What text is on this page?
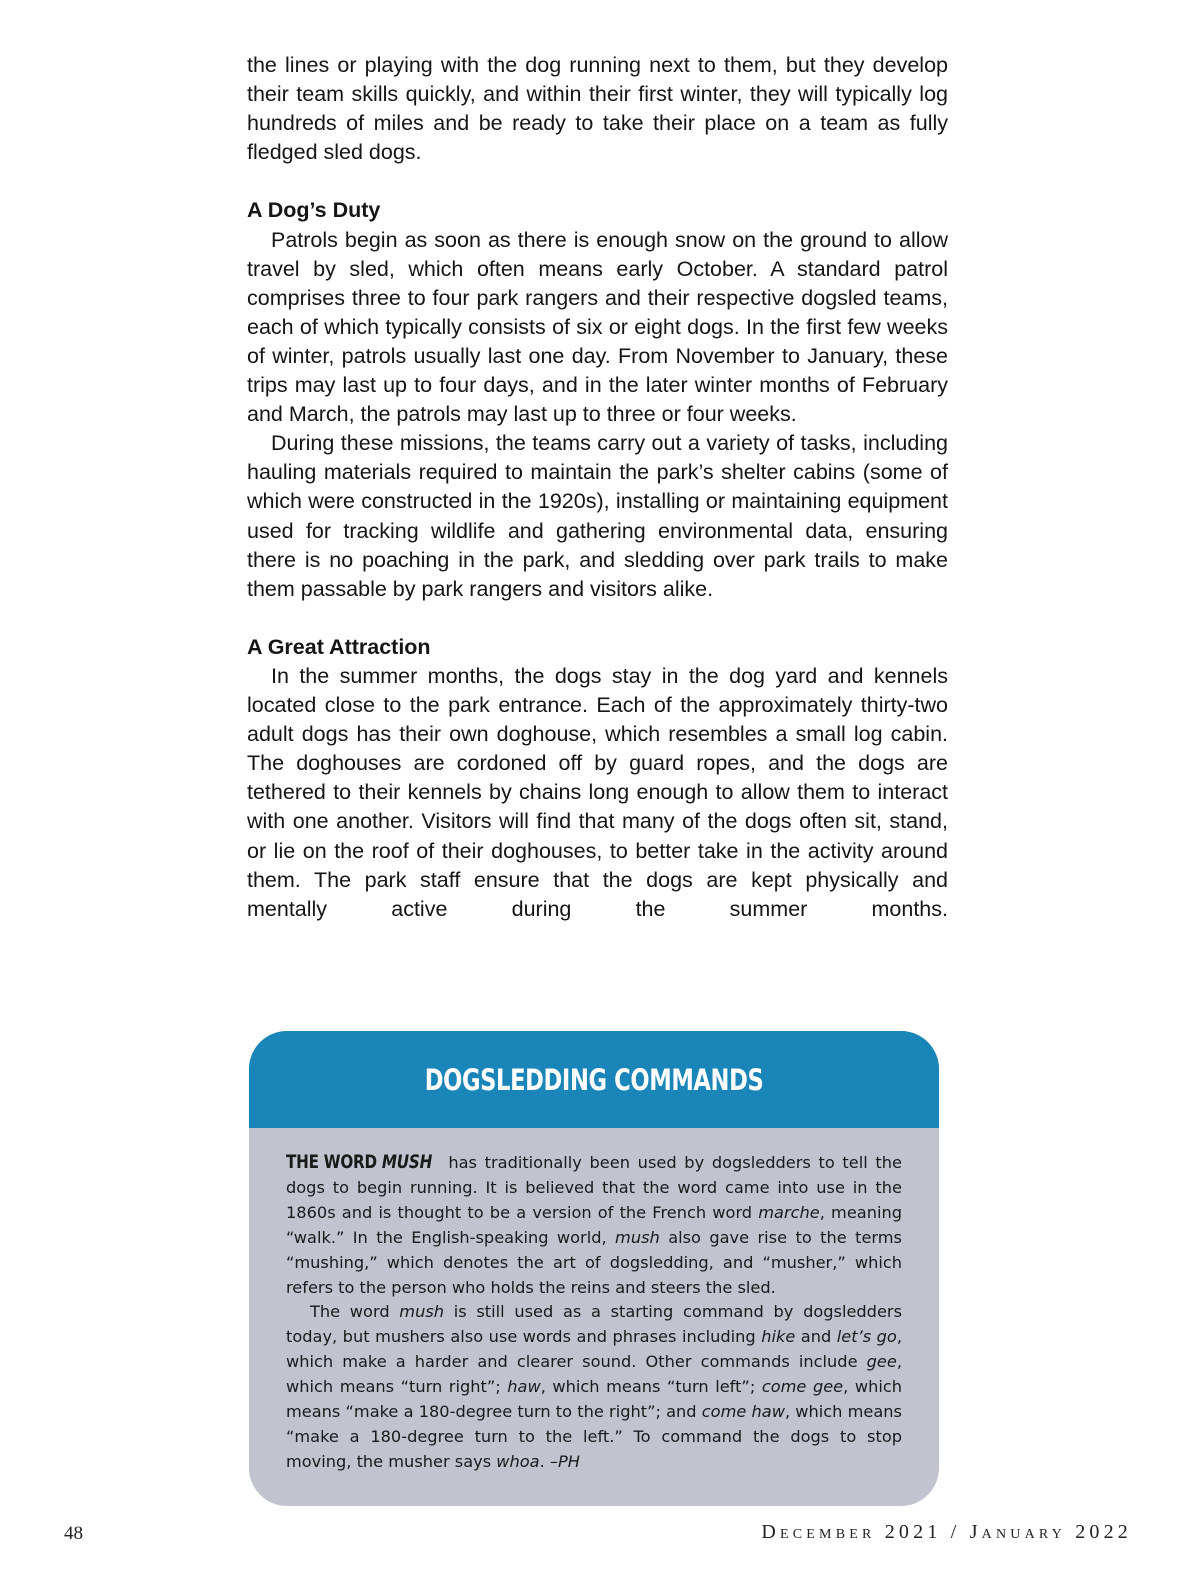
the lines or playing with the dog running next to them, but they develop their team skills quickly, and within their first winter, they will typically log hundreds of miles and be ready to take their place on a team as fully fledged sled dogs.

A Dog’s Duty

Patrols begin as soon as there is enough snow on the ground to allow travel by sled, which often means early October. A standard patrol comprises three to four park rangers and their respective dogsled teams, each of which typically consists of six or eight dogs. In the first few weeks of winter, patrols usually last one day. From November to January, these trips may last up to four days, and in the later winter months of February and March, the patrols may last up to three or four weeks.

During these missions, the teams carry out a variety of tasks, including hauling materials required to maintain the park’s shelter cabins (some of which were constructed in the 1920s), installing or maintaining equipment used for tracking wildlife and gathering environmental data, ensuring there is no poaching in the park, and sledding over park trails to make them passable by park rangers and visitors alike.

A Great Attraction

In the summer months, the dogs stay in the dog yard and kennels located close to the park entrance. Each of the approximately thirty-two adult dogs has their own doghouse, which resembles a small log cabin. The doghouses are cordoned off by guard ropes, and the dogs are tethered to their kennels by chains long enough to allow them to interact with one another. Visitors will find that many of the dogs often sit, stand, or lie on the roof of their doghouses, to better take in the activity around them. The park staff ensure that the dogs are kept physically and mentally active during the summer months.

DOGSLEDDING COMMANDS

THE WORD MUSH has traditionally been used by dogsledders to tell the dogs to begin running. It is believed that the word came into use in the 1860s and is thought to be a version of the French word marche, meaning “walk.” In the English-speaking world, mush also gave rise to the terms “mushing,” which denotes the art of dogsledding, and “musher,” which refers to the person who holds the reins and steers the sled.

The word mush is still used as a starting command by dogsledders today, but mushers also use words and phrases including hike and let’s go, which make a harder and clearer sound. Other commands include gee, which means “turn right”; haw, which means “turn left”; come gee, which means “make a 180-degree turn to the right”; and come haw, which means “make a 180-degree turn to the left.” To command the dogs to stop moving, the musher says whoa. –PH

48	December 2021 / January 2022
